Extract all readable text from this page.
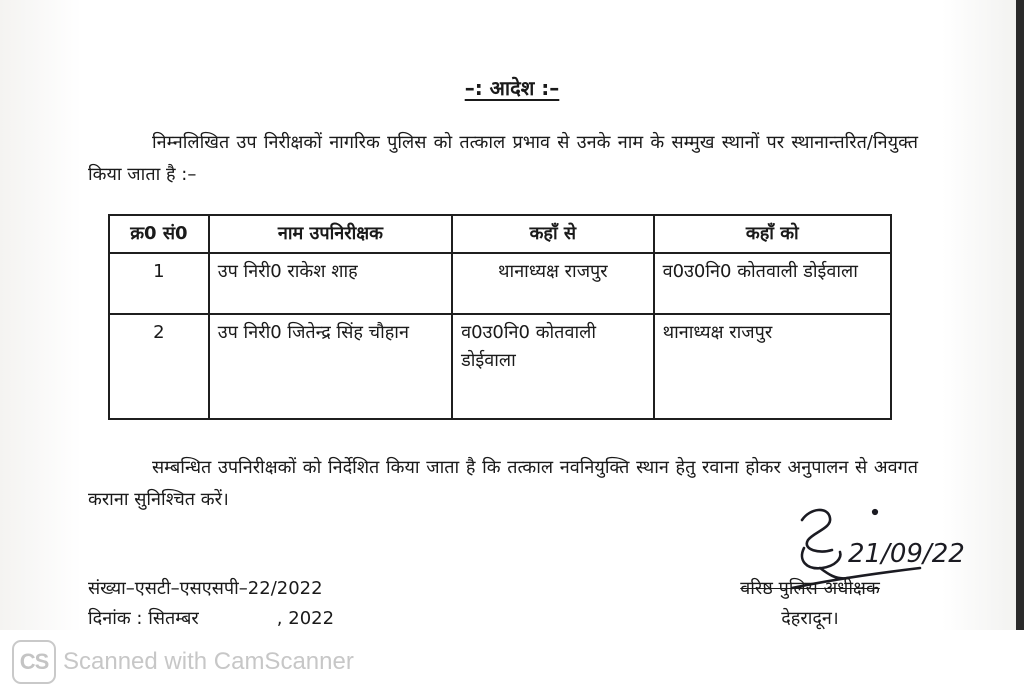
–: आदेश :–
निम्नलिखित उप निरीक्षकों नागरिक पुलिस को तत्काल प्रभाव से उनके नाम के सम्मुख स्थानों पर स्थानान्तरित/नियुक्त किया जाता है :–
क्र0 सं0	नाम उपनिरीक्षक	कहाँ से	कहाँ को
1	उप निरी0 राकेश शाह	थानाध्यक्ष राजपुर	व0उ0नि0 कोतवाली डोईवाला
2	उप निरी0 जितेन्द्र सिंह चौहान	व0उ0नि0 कोतवाली डोईवाला	थानाध्यक्ष राजपुर
सम्बन्धित उपनिरीक्षकों को निर्देशित किया जाता है कि तत्काल नवनियुक्ति स्थान हेतु रवाना होकर अनुपालन से अवगत कराना सुनिश्चित करें।
संख्या–एसटी–एसएसपी–22/2022
दिनांक : सितम्बर	, 2022
21/09/22
वरिष्ठ पुलिस अधीक्षक
देहरादून।
CS Scanned with CamScanner
